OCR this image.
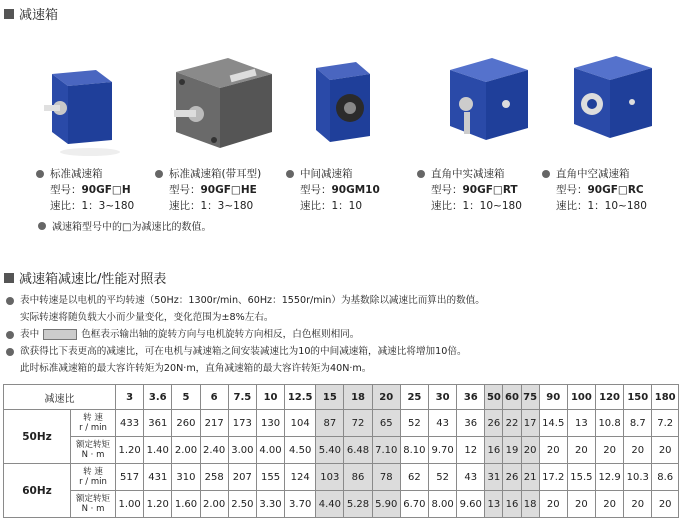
减速箱
标准减速箱
型号：90GF□H
速比：1：3~180
标准减速箱(带耳型)
型号：90GF□HE
速比：1：3~180
中间减速箱
型号：90GM10
速比：1：10
直角中实减速箱
型号：90GF□RT
速比：1：10~180
直角中空减速箱
型号：90GF□RC
速比：1：10~180
减速箱型号中的□为减速比的数值。
减速箱减速比/性能对照表
表中转速是以电机的平均转速（50Hz：1300r/min、60Hz：1550r/min）为基数除以减速比而算出的数值。
实际转速将随负载大小而少量变化，变化范围为±8%左右。
表中	色框表示输出轴的旋转方向与电机旋转方向相反，白色框则相同。
欲获得比下表更高的减速比，可在电机与减速箱之间安装减速比为10的中间减速箱，减速比将增加10倍。
此时标准减速箱的最大容许转矩为20N·m，直角减速箱的最大容许转矩为40N·m。
减速比		3	3.6	5	6	7.5	10	12.5	15	18	20	25	30	36	50	60	75	90	100	120	150	180
50Hz	转 速
r / min	433	361	260	217	173	130	104	87	72	65	52	43	36	26	22	17	14.5	13	10.8	8.7	7.2

	额定转矩
N · m	1.20	1.40	2.00	2.40	3.00	4.00	4.50	5.40	6.48	7.10	8.10	9.70	12	16	19	20	20	20	20	20	20
60Hz	转 速
r / min	517	431	310	258	207	155	124	103	86	78	62	52	43	31	26	21	17.2	15.5	12.9	10.3	8.6

	额定转矩
N · m	1.00	1.20	1.60	2.00	2.50	3.30	3.70	4.40	5.28	5.90	6.70	8.00	9.60	13	16	18	20	20	20	20	20
